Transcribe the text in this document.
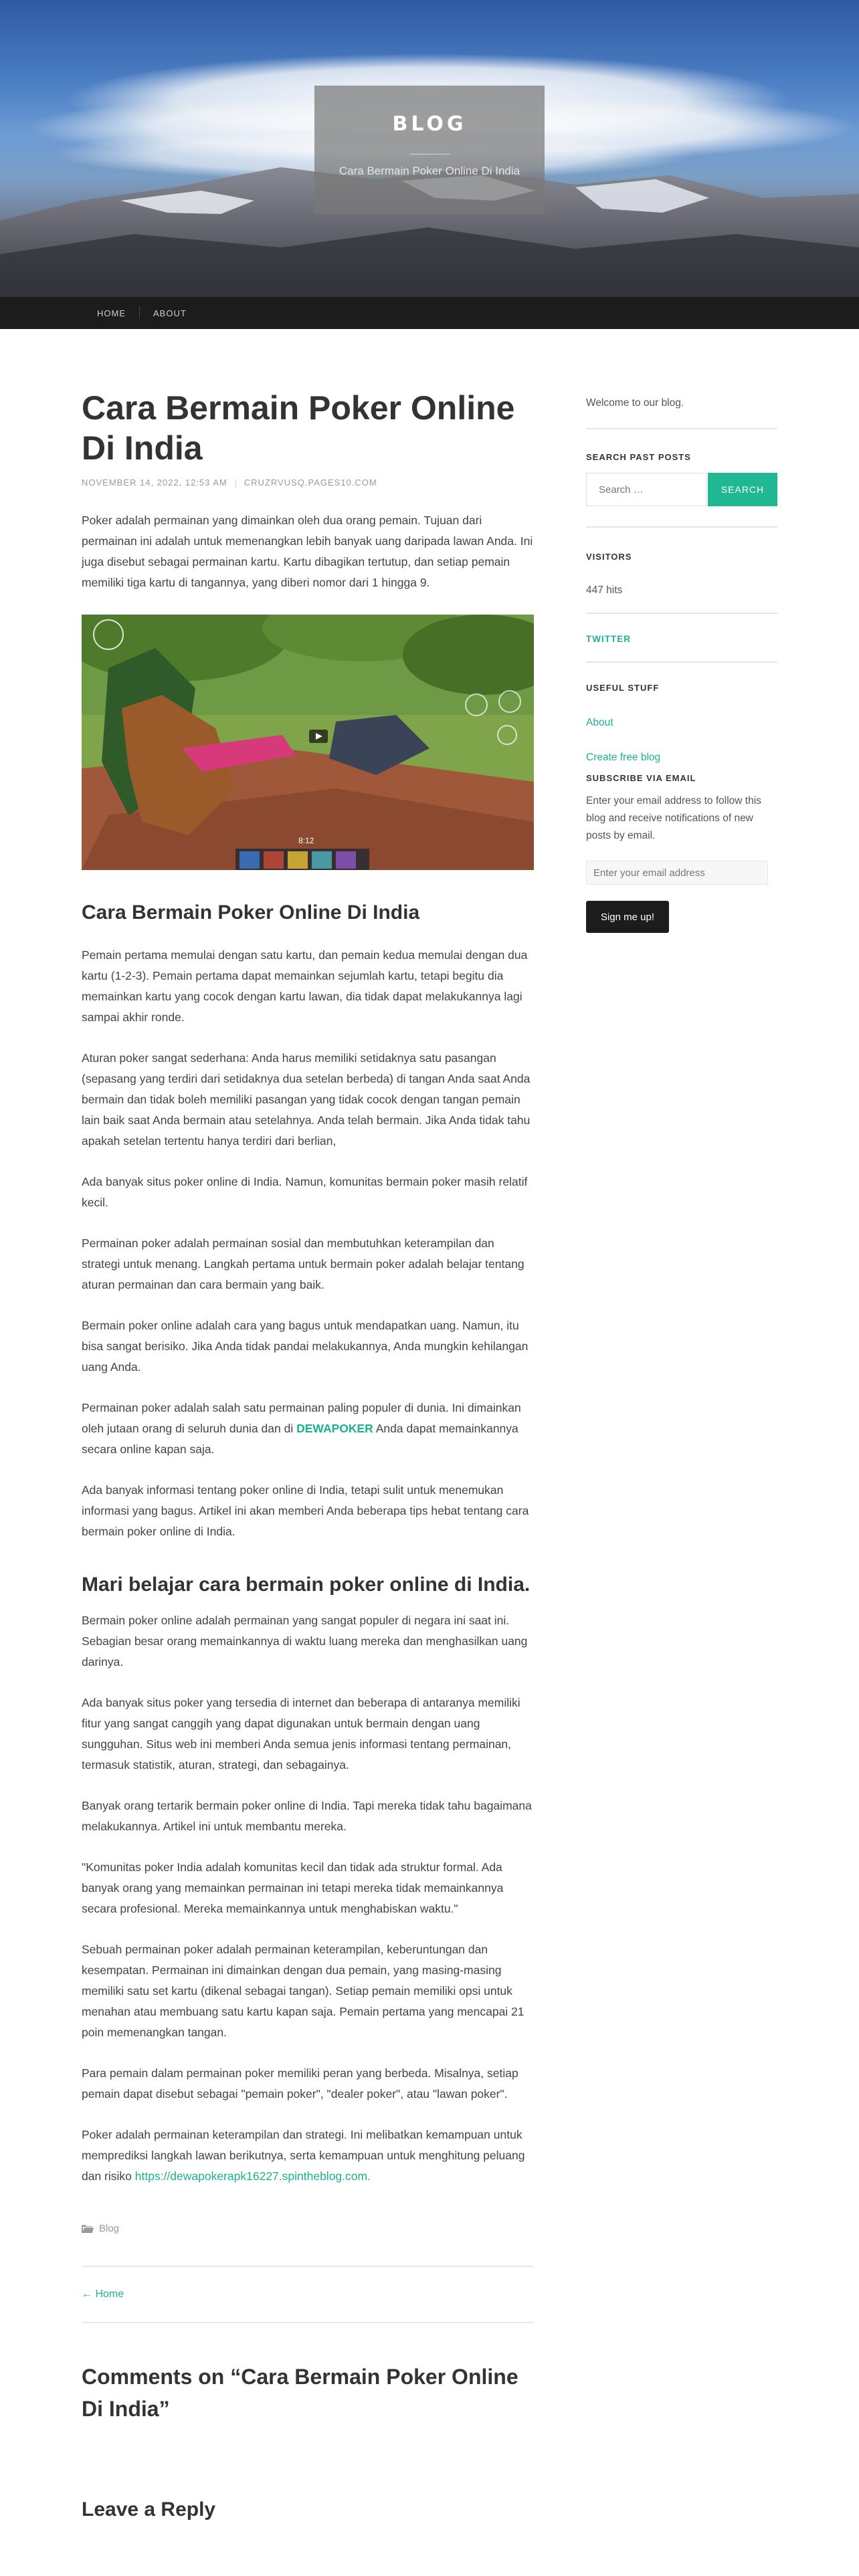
BLOG
Cara Bermain Poker Online Di India
HOME	ABOUT
Cara Bermain Poker Online Di India
NOVEMBER 14, 2022, 12:53 AM CRUZRVUSQ.PAGES10.COM

Poker adalah permainan yang dimainkan oleh dua orang pemain. Tujuan dari permainan ini adalah untuk memenangkan lebih banyak uang daripada lawan Anda. Ini juga disebut sebagai permainan kartu. Kartu dibagikan tertutup, dan setiap pemain memiliki tiga kartu di tangannya, yang diberi nomor dari 1 hingga 9.

8:12
Cara Bermain Poker Online Di India

Pemain pertama memulai dengan satu kartu, dan pemain kedua memulai dengan dua kartu (1-2-3). Pemain pertama dapat memainkan sejumlah kartu, tetapi begitu dia memainkan kartu yang cocok dengan kartu lawan, dia tidak dapat melakukannya lagi sampai akhir ronde.

Aturan poker sangat sederhana: Anda harus memiliki setidaknya satu pasangan (sepasang yang terdiri dari setidaknya dua setelan berbeda) di tangan Anda saat Anda bermain dan tidak boleh memiliki pasangan yang tidak cocok dengan tangan pemain lain baik saat Anda bermain atau setelahnya. Anda telah bermain. Jika Anda tidak tahu apakah setelan tertentu hanya terdiri dari berlian,

Ada banyak situs poker online di India. Namun, komunitas bermain poker masih relatif kecil.

Permainan poker adalah permainan sosial dan membutuhkan keterampilan dan strategi untuk menang. Langkah pertama untuk bermain poker adalah belajar tentang aturan permainan dan cara bermain yang baik.

Bermain poker online adalah cara yang bagus untuk mendapatkan uang. Namun, itu bisa sangat berisiko. Jika Anda tidak pandai melakukannya, Anda mungkin kehilangan uang Anda.

Permainan poker adalah salah satu permainan paling populer di dunia. Ini dimainkan oleh jutaan orang di seluruh dunia dan di DEWAPOKER Anda dapat memainkannya secara online kapan saja.

Ada banyak informasi tentang poker online di India, tetapi sulit untuk menemukan informasi yang bagus. Artikel ini akan memberi Anda beberapa tips hebat tentang cara bermain poker online di India.

Mari belajar cara bermain poker online di India.

Bermain poker online adalah permainan yang sangat populer di negara ini saat ini. Sebagian besar orang memainkannya di waktu luang mereka dan menghasilkan uang darinya.

Ada banyak situs poker yang tersedia di internet dan beberapa di antaranya memiliki fitur yang sangat canggih yang dapat digunakan untuk bermain dengan uang sungguhan. Situs web ini memberi Anda semua jenis informasi tentang permainan, termasuk statistik, aturan, strategi, dan sebagainya.

Banyak orang tertarik bermain poker online di India. Tapi mereka tidak tahu bagaimana melakukannya. Artikel ini untuk membantu mereka.

"Komunitas poker India adalah komunitas kecil dan tidak ada struktur formal. Ada banyak orang yang memainkan permainan ini tetapi mereka tidak memainkannya secara profesional. Mereka memainkannya untuk menghabiskan waktu."

Sebuah permainan poker adalah permainan keterampilan, keberuntungan dan kesempatan. Permainan ini dimainkan dengan dua pemain, yang masing-masing memiliki satu set kartu (dikenal sebagai tangan). Setiap pemain memiliki opsi untuk menahan atau membuang satu kartu kapan saja. Pemain pertama yang mencapai 21 poin memenangkan tangan.

Para pemain dalam permainan poker memiliki peran yang berbeda. Misalnya, setiap pemain dapat disebut sebagai "pemain poker", "dealer poker", atau "lawan poker".

Poker adalah permainan keterampilan dan strategi. Ini melibatkan kemampuan untuk memprediksi langkah lawan berikutnya, serta kemampuan untuk menghitung peluang dan risiko https://dewapokerapk16227.spintheblog.com.

Blog
← Home
Comments on “Cara Bermain Poker Online Di India”
Leave a Reply
Welcome to our blog.
SEARCH PAST POSTS
Search …
SEARCH
VISITORS
447 hits
TWITTER
USEFUL STUFF
About
Create free blog
SUBSCRIBE VIA EMAIL
Enter your email address to follow this blog and receive notifications of new posts by email.
Enter your email address
Sign me up!
